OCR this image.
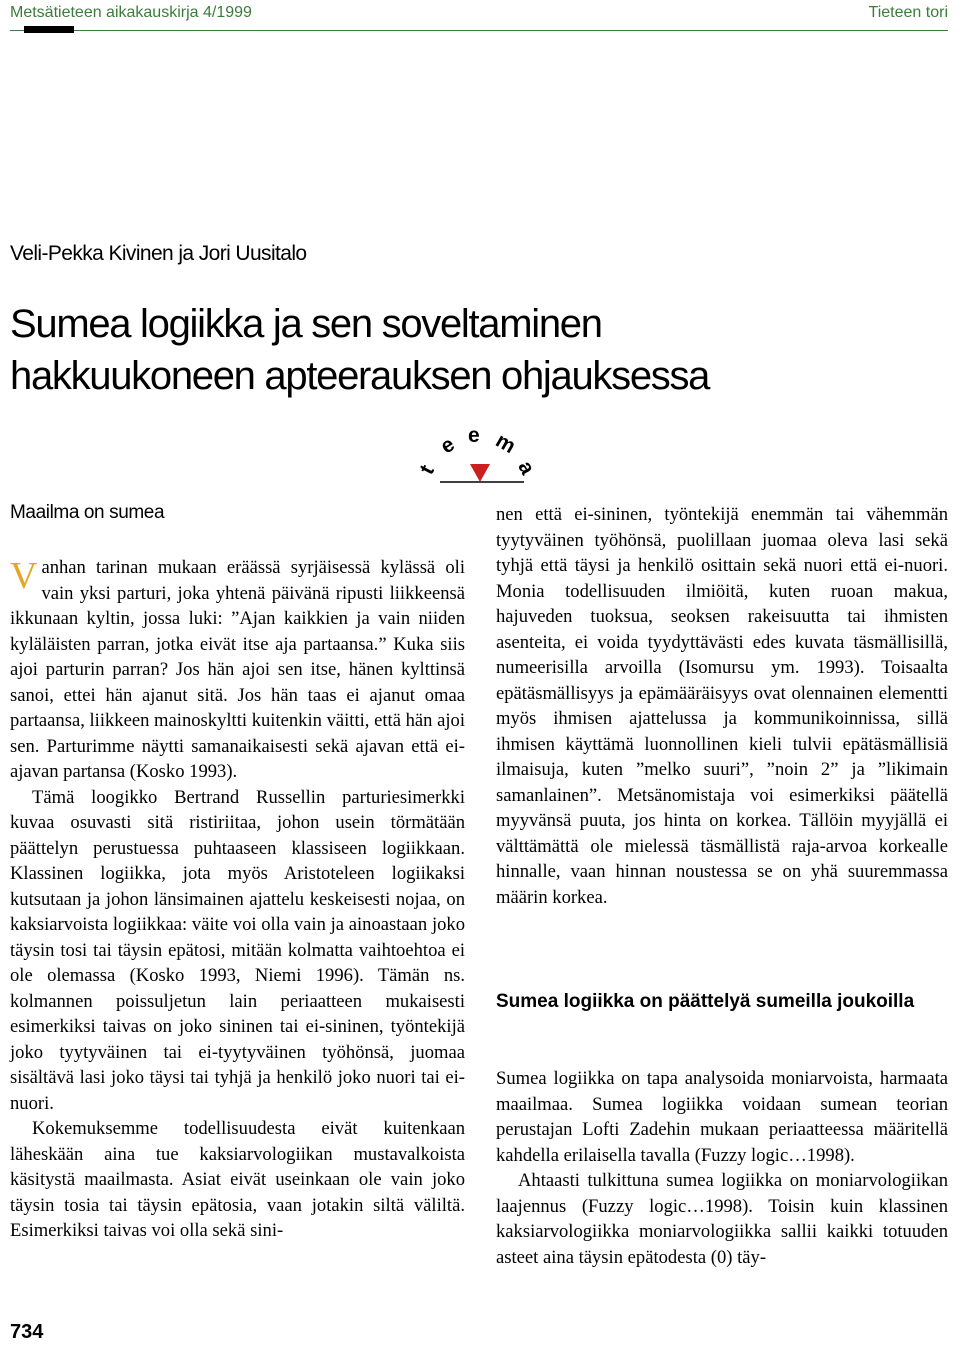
Metsätieteen aikakauskirja 4/1999	Tieteen tori
Veli-Pekka Kivinen ja Jori Uusitalo
Sumea logiikka ja sen soveltaminen
hakkuukoneen apteerauksen ohjauksessa
t
e e m
a
Maailma on sumea

Vanhan tarinan mukaan eräässä syrjäisessä kylässä oli vain yksi parturi, joka yhtenä päivänä ripusti liikkeensä ikkunaan kyltin, jossa luki: ”Ajan kaikkien ja vain niiden kyläläisten parran, jotka eivät itse aja partaansa.” Kuka siis ajoi parturin parran? Jos hän ajoi sen itse, hänen kylttinsä sanoi, ettei hän ajanut sitä. Jos hän taas ei ajanut omaa partaansa, liikkeen mainoskyltti kuitenkin väitti, että hän ajoi sen. Parturimme näytti samanaikaisesti sekä ajavan että ei-ajavan partansa (Kosko 1993).

Tämä loogikko Bertrand Russellin parturiesimerkki kuvaa osuvasti sitä ristiriitaa, johon usein törmätään päättelyn perustuessa puhtaaseen klassiseen logiikkaan. Klassinen logiikka, jota myös Aristoteleen logiikaksi kutsutaan ja johon länsimainen ajattelu keskeisesti nojaa, on kaksiarvoista logiikkaa: väite voi olla vain ja ainoastaan joko täysin tosi tai täysin epätosi, mitään kolmatta vaihtoehtoa ei ole olemassa (Kosko 1993, Niemi 1996). Tämän ns. kolmannen poissuljetun lain periaatteen mukaisesti esimerkiksi taivas on joko sininen tai ei-sininen, työntekijä joko tyytyväinen tai ei-tyytyväinen työhönsä, juomaa sisältävä lasi joko täysi tai tyhjä ja henkilö joko nuori tai ei-nuori.

Kokemuksemme todellisuudesta eivät kuitenkaan läheskään aina tue kaksiarvologiikan mustavalkoista käsitystä maailmasta. Asiat eivät useinkaan ole vain joko täysin tosia tai täysin epätosia, vaan jotakin siltä väliltä. Esimerkiksi taivas voi olla sekä sini-

nen että ei-sininen, työntekijä enemmän tai vähemmän tyytyväinen työhönsä, puolillaan juomaa oleva lasi sekä tyhjä että täysi ja henkilö osittain sekä nuori että ei-nuori. Monia todellisuuden ilmiöitä, kuten ruoan makua, hajuveden tuoksua, seoksen rakeisuutta tai ihmisten asenteita, ei voida tyydyttävästi edes kuvata täsmällisillä, numeerisilla arvoilla (Isomursu ym. 1993). Toisaalta epätäsmällisyys ja epämääräisyys ovat olennainen elementti myös ihmisen ajattelussa ja kommunikoinnissa, sillä ihmisen käyttämä luonnollinen kieli tulvii epätäsmällisiä ilmaisuja, kuten ”melko suuri”, ”noin 2” ja ”likimain samanlainen”. Metsänomistaja voi esimerkiksi päätellä myyvänsä puuta, jos hinta on korkea. Tällöin myyjällä ei välttämättä ole mielessä täsmällistä raja-arvoa korkealle hinnalle, vaan hinnan noustessa se on yhä suuremmassa määrin korkea.

Sumea logiikka on päättelyä sumeilla joukoilla

Sumea logiikka on tapa analysoida moniarvoista, harmaata maailmaa. Sumea logiikka voidaan sumean teorian perustajan Lofti Zadehin mukaan periaatteessa määritellä kahdella erilaisella tavalla (Fuzzy logic…1998).

Ahtaasti tulkittuna sumea logiikka on moniarvologiikan laajennus (Fuzzy logic…1998). Toisin kuin klassinen kaksiarvologiikka moniarvologiikka sallii kaikki totuuden asteet aina täysin epätodesta (0) täy-

734
